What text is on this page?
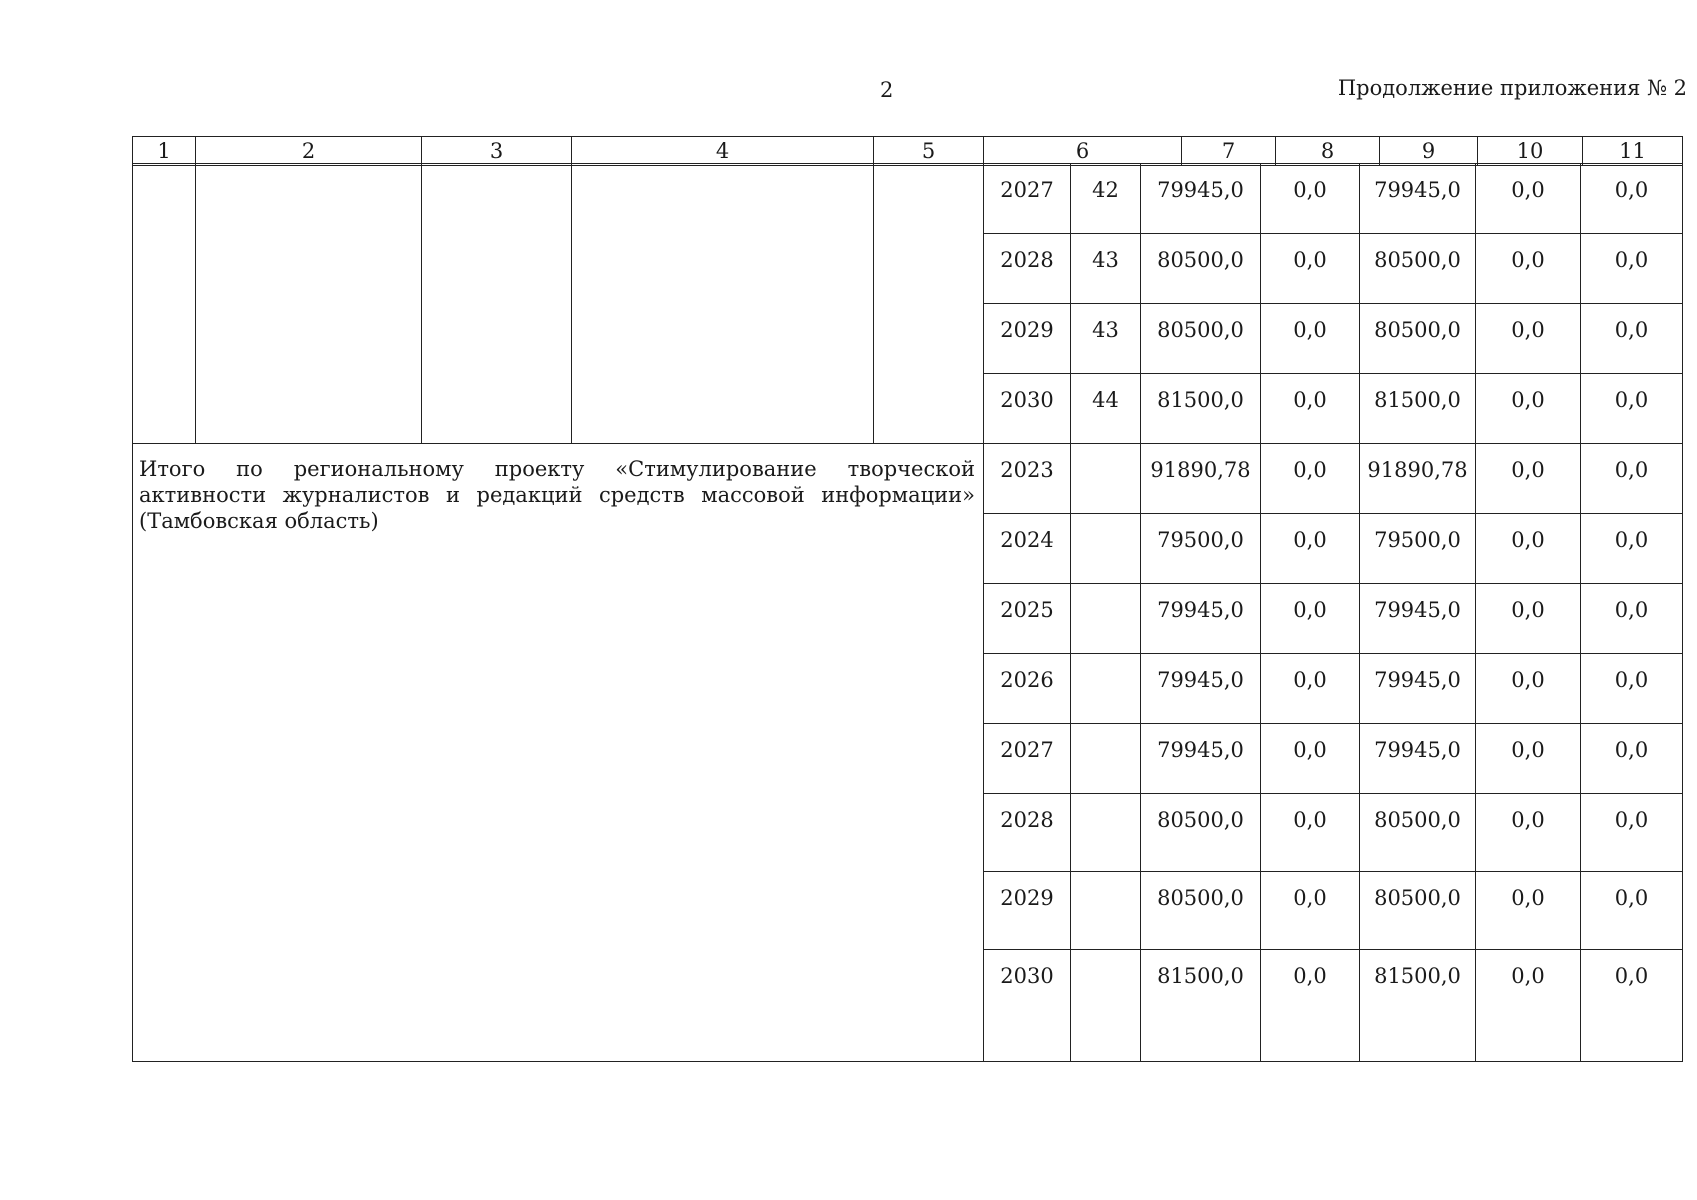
2	Продолжение приложения № 2
1	2	3	4	5	6	7	8	9	10	11
					2027	42	79945,0	0,0	79945,0	0,0	0,0
					2028	43	80500,0	0,0	80500,0	0,0	0,0
					2029	43	80500,0	0,0	80500,0	0,0	0,0
					2030	44	81500,0	0,0	81500,0	0,0	0,0
Итого по региональному проекту «Стимулирование творческой активности журналистов и редакций средств массовой информации» (Тамбовская область)					2023		91890,78	0,0	91890,78	0,0	0,0
					2024		79500,0	0,0	79500,0	0,0	0,0
					2025		79945,0	0,0	79945,0	0,0	0,0
					2026		79945,0	0,0	79945,0	0,0	0,0
					2027		79945,0	0,0	79945,0	0,0	0,0
					2028		80500,0	0,0	80500,0	0,0	0,0
					2029		80500,0	0,0	80500,0	0,0	0,0
					2030		81500,0	0,0	81500,0	0,0	0,0
